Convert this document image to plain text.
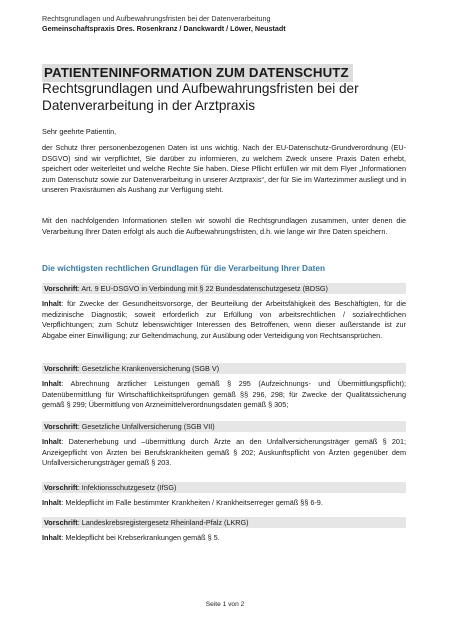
Rechtsgrundlagen und Aufbewahrungsfristen bei der Datenverarbeitung
Gemeinschaftspraxis Dres. Rosenkranz / Danckwardt / Löwer, Neustadt
PATIENTENINFORMATION ZUM DATENSCHUTZ
Rechtsgrundlagen und Aufbewahrungsfristen bei der Datenverarbeitung in der Arztpraxis
Sehr geehrte Patientin,
der Schutz Ihrer personenbezogenen Daten ist uns wichtig. Nach der EU-Datenschutz-Grundverordnung (EU-DSGVO) sind wir verpflichtet, Sie darüber zu informieren, zu welchem Zweck unsere Praxis Daten erhebt, speichert oder weiterleitet und welche Rechte Sie haben. Diese Pflicht erfüllen wir mit dem Flyer „Informationen zum Datenschutz sowie zur Datenverarbeitung in unserer Arztpraxis“, der für Sie im Wartezimmer ausliegt und in unseren Praxisräumen als Aushang zur Verfügung steht.
Mit den nachfolgenden Informationen stellen wir sowohl die Rechtsgrundlagen zusammen, unter denen die Verarbeitung Ihrer Daten erfolgt als auch die Aufbewahrungsfristen, d.h. wie lange wir Ihre Daten speichern.
Die wichtigsten rechtlichen Grundlagen für die Verarbeitung Ihrer Daten
Vorschrift: Art. 9 EU-DSGVO in Verbindung mit § 22 Bundesdatenschutzgesetz (BDSG)
Inhalt: für Zwecke der Gesundheitsvorsorge, der Beurteilung der Arbeitsfähigkeit des Beschäftigten, für die medizinische Diagnostik; soweit erforderlich zur Erfüllung von arbeitsrechtlichen / sozialrechtlichen Verpflichtungen; zum Schutz lebenswichtiger Interessen des Betroffenen, wenn dieser außerstande ist zur Abgabe einer Einwilligung; zur Geltendmachung, zur Ausübung oder Verteidigung von Rechtsansprüchen.
Vorschrift: Gesetzliche Krankenversicherung (SGB V)
Inhalt: Abrechnung ärztlicher Leistungen gemäß § 295 (Aufzeichnungs- und Übermittlungspflicht); Datenübermittlung für Wirtschaftlichkeitsprüfungen gemäß §§ 296, 298; für Zwecke der Qualitätssicherung gemäß § 299; Übermittlung von Arzneimittelverordnungsdaten gemäß § 305;
Vorschrift: Gesetzliche Unfallversicherung (SGB VII)
Inhalt: Datenerhebung und –übermittlung durch Ärzte an den Unfallversicherungsträger gemäß § 201; Anzeigepflicht von Ärzten bei Berufskrankheiten gemäß § 202; Auskunftspflicht von Ärzten gegenüber dem Unfallversicherungsträger gemäß § 203.
Vorschrift: Infektionsschutzgesetz (IfSG)
Inhalt: Meldepflicht im Falle bestimmter Krankheiten / Krankheitserreger gemäß §§ 6-9.
Vorschrift: Landeskrebsregistergesetz Rheinland-Pfalz (LKRG)
Inhalt: Meldepflicht bei Krebserkrankungen gemäß § 5.
Seite 1 von 2
